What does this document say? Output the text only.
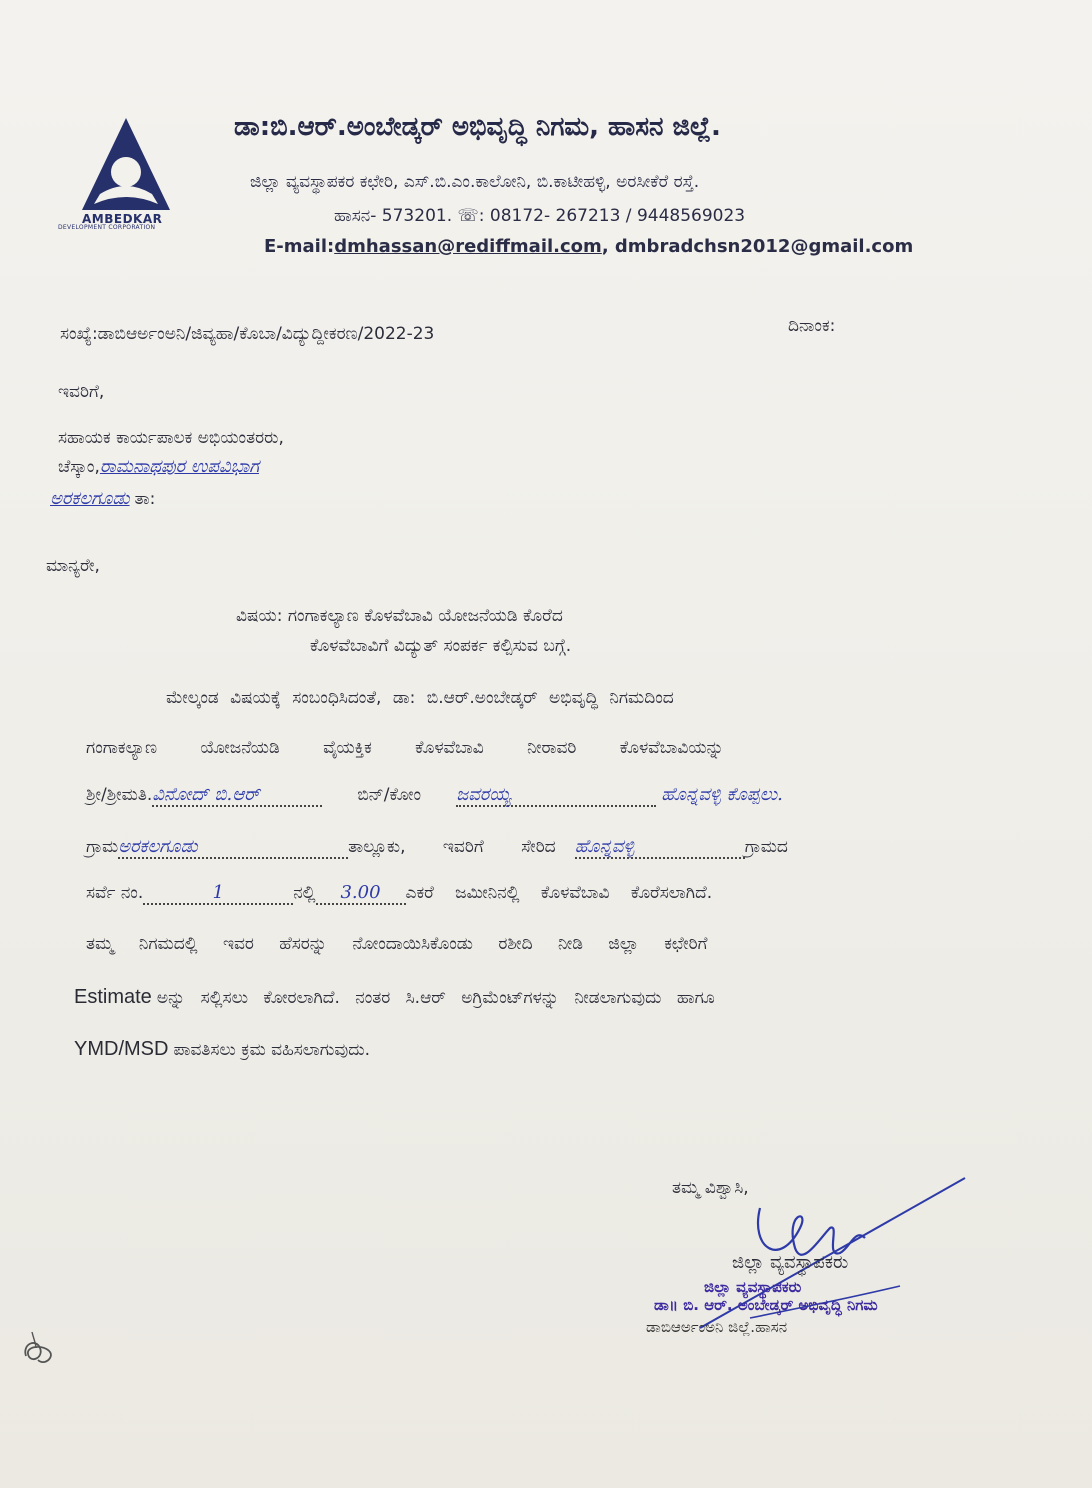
AMBEDKAR
DEVELOPMENT CORPORATION
ಡಾ:ಬಿ.ಆರ್.ಅಂಬೇಡ್ಕರ್ ಅಭಿವೃದ್ಧಿ ನಿಗಮ, ಹಾಸನ ಜಿಲ್ಲೆ.
ಜಿಲ್ಲಾ ವ್ಯವಸ್ಥಾಪಕರ ಕಛೇರಿ, ಎಸ್.ಬಿ.ಎಂ.ಕಾಲೋನಿ, ಬಿ.ಕಾಟೀಹಳ್ಳಿ, ಅರಸೀಕೆರೆ ರಸ್ತೆ.
ಹಾಸನ- 573201. ☏: 08172- 267213 / 9448569023
E-mail:dmhassan@rediffmail.com, dmbradchsn2012@gmail.com
ಸಂಖ್ಯೆ:ಡಾಬಿಆರ್ಅಂಅನಿ/ಜಿವ್ಯಹಾ/ಕೊಬಾ/ವಿದ್ಯುದ್ದೀಕರಣ/2022-23	ದಿನಾಂಕ:
ಇವರಿಗೆ,
ಸಹಾಯಕ ಕಾರ್ಯಪಾಲಕ ಅಭಿಯಂತರರು,
ಚೆಸ್ಕಾಂ,ರಾಮನಾಥಪುರ ಉಪವಿಭಾಗ
ಅರಕಲಗೂಡು ತಾ:
ಮಾನ್ಯರೇ,
ವಿಷಯ: ಗಂಗಾಕಲ್ಯಾಣ ಕೊಳವೆಬಾವಿ ಯೋಜನೆಯಡಿ ಕೊರೆದ
ಕೊಳವೆಬಾವಿಗೆ ವಿದ್ಯುತ್ ಸಂಪರ್ಕ ಕಲ್ಪಿಸುವ ಬಗ್ಗೆ.
ಮೇಲ್ಕಂಡ ವಿಷಯಕ್ಕೆ ಸಂಬಂಧಿಸಿದಂತೆ, ಡಾ: ಬಿ.ಆರ್.ಅಂಬೇಡ್ಕರ್ ಅಭಿವೃದ್ಧಿ ನಿಗಮದಿಂದ
ಗಂಗಾಕಲ್ಯಾಣ ಯೋಜನೆಯಡಿ ವೈಯಕ್ತಿಕ ಕೊಳವೆಬಾವಿ ನೀರಾವರಿ ಕೊಳವೆಬಾವಿಯನ್ನು
ಶ್ರೀ/ಶ್ರೀಮತಿ.ವಿನೋದ್ ಬಿ.ಆರ್	ಬಿನ್/ಕೋಂ ಜವರಯ್ಯ	ಹೊನ್ನವಳ್ಳಿ ಕೊಪ್ಪಲು.
ಗ್ರಾಮಅರಕಲಗೂಡು	ತಾಲ್ಲೂಕು, ಇವರಿಗೆ ಸೇರಿದ ಹೊನ್ನವಳ್ಳಿ	ಗ್ರಾಮದ
ಸರ್ವೆ ನಂ.	1	ನಲ್ಲಿ 3.00 ಎಕರೆ ಜಮೀನಿನಲ್ಲಿ ಕೊಳವೆಬಾವಿ ಕೊರೆಸಲಾಗಿದೆ.
ತಮ್ಮ ನಿಗಮದಲ್ಲಿ ಇವರ ಹೆಸರನ್ನು ನೋಂದಾಯಿಸಿಕೊಂಡು ರಶೀದಿ ನೀಡಿ ಜಿಲ್ಲಾ ಕಛೇರಿಗೆ
Estimate ಅನ್ನು ಸಲ್ಲಿಸಲು ಕೋರಲಾಗಿದೆ. ನಂತರ ಸಿ.ಆರ್ ಅಗ್ರಿಮೆಂಟ್‌ಗಳನ್ನು ನೀಡಲಾಗುವುದು ಹಾಗೂ
YMD/MSD ಪಾವತಿಸಲು ಕ್ರಮ ವಹಿಸಲಾಗುವುದು.
ತಮ್ಮ ವಿಶ್ವಾಸಿ,
ಜಿಲ್ಲಾ ವ್ಯವಸ್ಥಾಪಕರು
ಜಿಲ್ಲಾ ವ್ಯವಸ್ಥಾಪಕರು
ಡಾ॥ ಬಿ. ಆರ್. ಅಂಬೇಡ್ಕರ್ ಅಭಿವೃದ್ಧಿ ನಿಗಮ
ಡಾಬಿಆರ್ಅಂಅನಿ ಜಿಲ್ಲೆ.ಹಾಸನ
